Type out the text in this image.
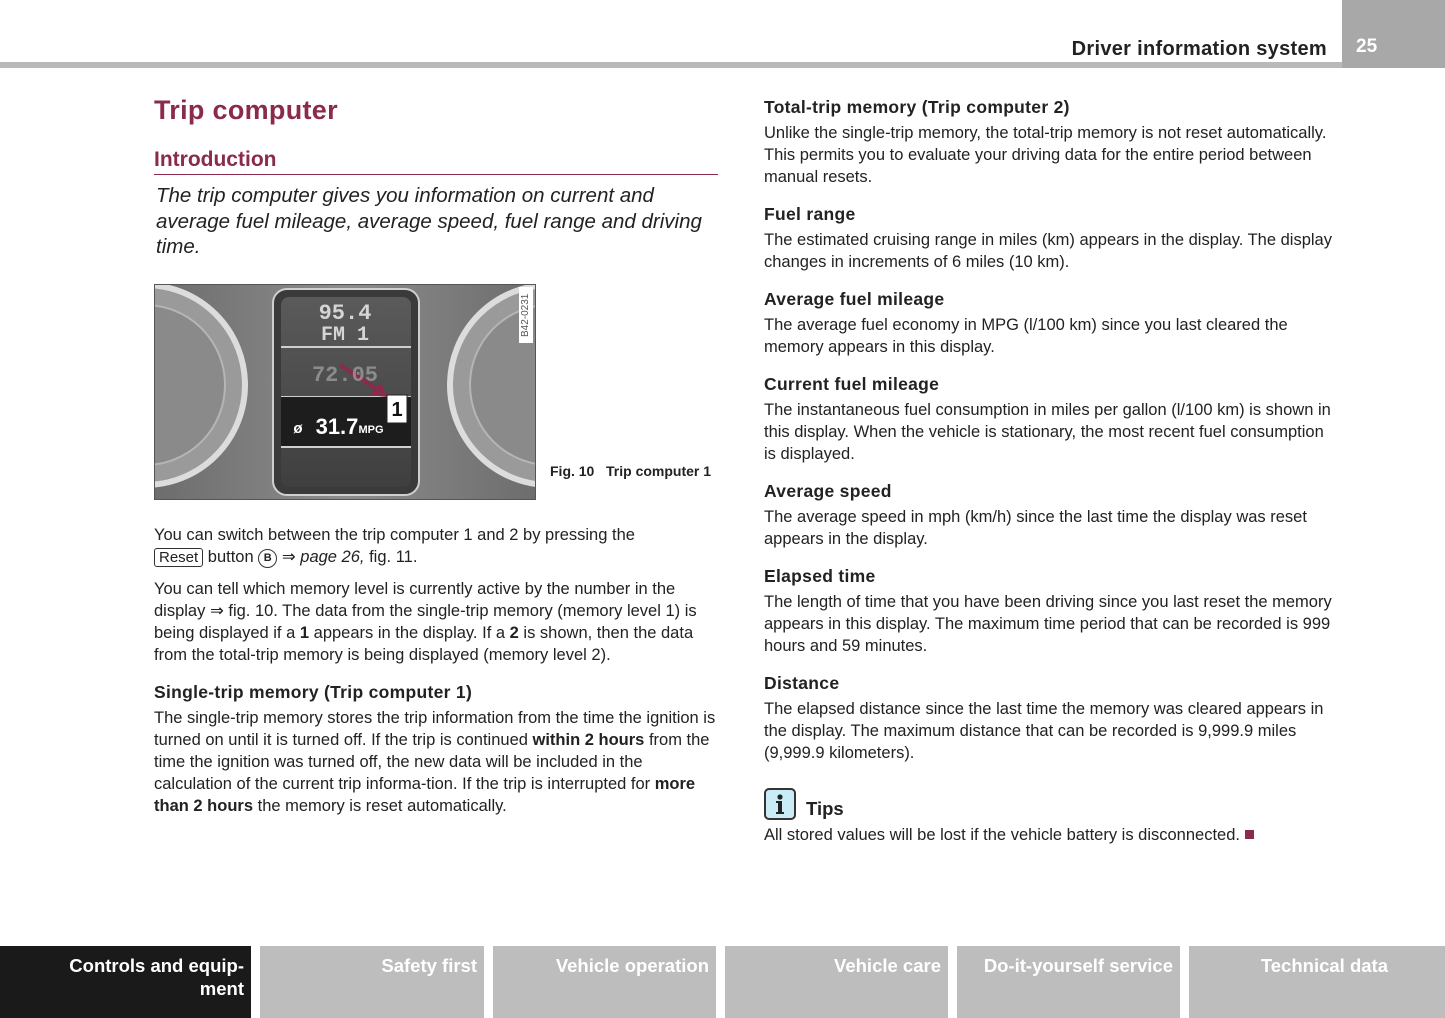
Driver information system 25
Trip computer
Introduction

The trip computer gives you information on current and average fuel mileage, average speed, fuel range and driving time.

1
95.4
FM 1
72.05
ø 31.7 MPG
B42-0231
Fig. 10 Trip computer 1

You can switch between the trip computer 1 and 2 by pressing the
Reset button B ⇒ page 26, fig. 11.

You can tell which memory level is currently active by the number in the display ⇒ fig. 10. The data from the single-trip memory (memory level 1) is being displayed if a 1 appears in the display. If a 2 is shown, then the data from the total-trip memory is being displayed (memory level 2).

Single-trip memory (Trip computer 1)

The single-trip memory stores the trip information from the time the ignition is turned on until it is turned off. If the trip is continued within 2 hours from the time the ignition was turned off, the new data will be included in the calculation of the current trip informa-tion. If the trip is interrupted for more than 2 hours the memory is reset automatically.

Total-trip memory (Trip computer 2)

Unlike the single-trip memory, the total-trip memory is not reset automatically. This permits you to evaluate your driving data for the entire period between manual resets.

Fuel range

The estimated cruising range in miles (km) appears in the display. The display changes in increments of 6 miles (10 km).

Average fuel mileage

The average fuel economy in MPG (l/100 km) since you last cleared the memory appears in this display.

Current fuel mileage

The instantaneous fuel consumption in miles per gallon (l/100 km) is shown in this display. When the vehicle is stationary, the most recent fuel consumption is displayed.

Average speed

The average speed in mph (km/h) since the last time the display was reset appears in the display.

Elapsed time

The length of time that you have been driving since you last reset the memory appears in this display. The maximum time period that can be recorded is 999 hours and 59 minutes.

Distance

The elapsed distance since the last time the memory was cleared appears in the display. The maximum distance that can be recorded is 9,999.9 miles (9,999.9 kilometers).

Tips

All stored values will be lost if the vehicle battery is disconnected.

Controls and equip-ment
Safety first	Vehicle operation	Vehicle care	Do-it-yourself service	Technical data
